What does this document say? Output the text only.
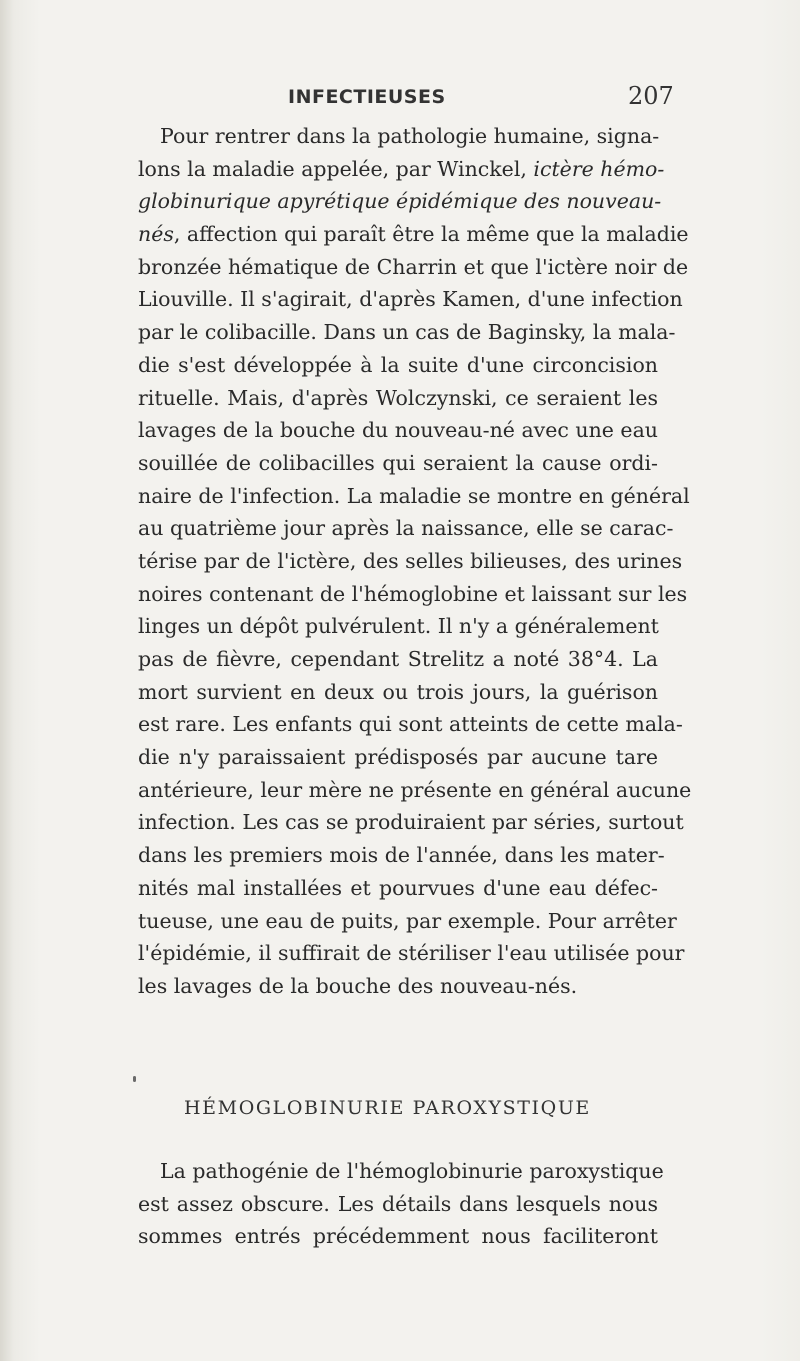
INFECTIEUSES	207
Pour rentrer dans la pathologie humaine, signa-
lons la maladie appelée, par Winckel, ictère hémo-
globinurique apyrétique épidémique des nouveau-
nés, affection qui paraît être la même que la maladie
bronzée hématique de Charrin et que l'ictère noir de
Liouville. Il s'agirait, d'après Kamen, d'une infection
par le colibacille. Dans un cas de Baginsky, la mala-
die s'est développée à la suite d'une circoncision
rituelle. Mais, d'après Wolczynski, ce seraient les
lavages de la bouche du nouveau-né avec une eau
souillée de colibacilles qui seraient la cause ordi-
naire de l'infection. La maladie se montre en général
au quatrième jour après la naissance, elle se carac-
térise par de l'ictère, des selles bilieuses, des urines
noires contenant de l'hémoglobine et laissant sur les
linges un dépôt pulvérulent. Il n'y a généralement
pas de fièvre, cependant Strelitz a noté 38°4. La
mort survient en deux ou trois jours, la guérison
est rare. Les enfants qui sont atteints de cette mala-
die n'y paraissaient prédisposés par aucune tare
antérieure, leur mère ne présente en général aucune
infection. Les cas se produiraient par séries, surtout
dans les premiers mois de l'année, dans les mater-
nités mal installées et pourvues d'une eau défec-
tueuse, une eau de puits, par exemple. Pour arrêter
l'épidémie, il suffirait de stériliser l'eau utilisée pour
les lavages de la bouche des nouveau-nés.
HÉMOGLOBINURIE PAROXYSTIQUE
La pathogénie de l'hémoglobinurie paroxystique
est assez obscure. Les détails dans lesquels nous
sommes entrés précédemment nous faciliteront
